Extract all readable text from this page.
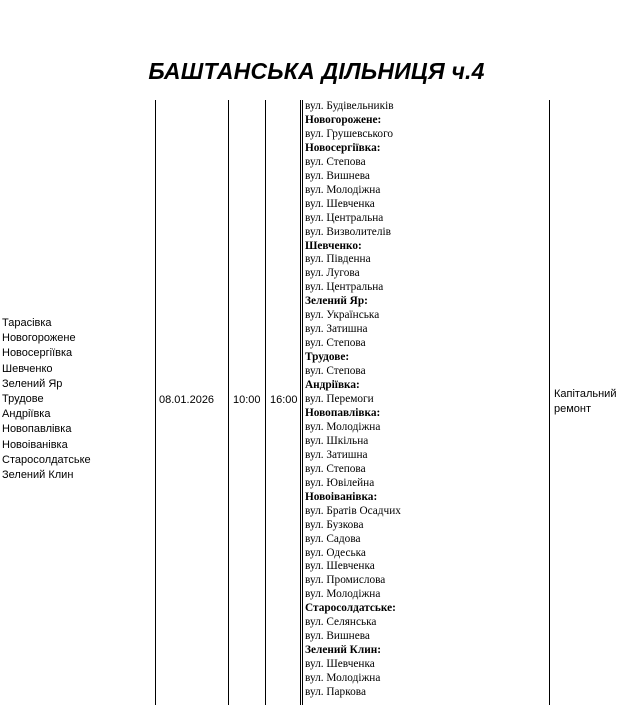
БАШТАНСЬКА ДІЛЬНИЦЯ ч.4
Тарасівка
Новогорожене
Новосергіївка
Шевченко
Зелений Яр
Трудове
Андріївка
Новопавлівка
Новоіванівка
Старосолдатське
Зелений Клин
08.01.2026 10:00 16:00
вул. Будівельників
Новогорожене:
вул. Грушевського
Новосергіївка:
вул. Степова
вул. Вишнева
вул. Молодіжна
вул. Шевченка
вул. Центральна
вул. Визволителів
Шевченко:
вул. Південна
вул. Лугова
вул. Центральна
Зелений Яр:
вул. Українська
вул. Затишна
вул. Степова
Трудове:
вул. Степова
Андріївка:
вул. Перемоги
Новопавлівка:
вул. Молодіжна
вул. Шкільна
вул. Затишна
вул. Степова
вул. Ювілейна
Новоіванівка:
вул. Братів Осадчих
вул. Бузкова
вул. Садова
вул. Одеська
вул. Шевченка
вул. Промислова
вул. Молодіжна
Старосолдатське:
вул. Селянська
вул. Вишнева
Зелений Клин:
вул. Шевченка
вул. Молодіжна
вул. Паркова
Капітальний ремонт
